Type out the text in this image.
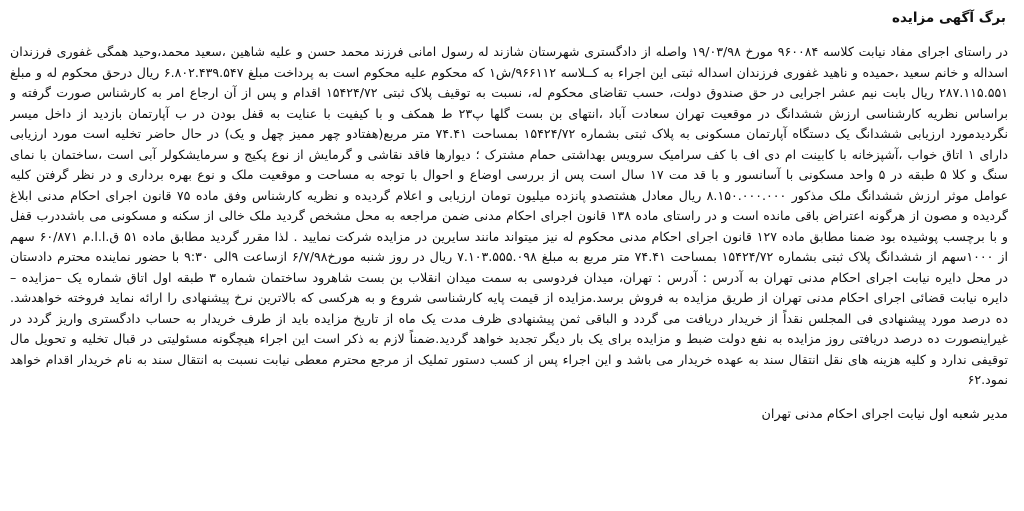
برگ آگهی مزایده
در راستای اجرای مفاد نیابت کلاسه ۹۶۰۰۸۴ مورخ ۱۹/۰۳/۹۸ واصله از دادگستری شهرستان شازند له رسول امانی فرزند محمد حسن و علیه شاهین ،سعید محمد،وحید همگی غفوری فرزندان اسداله و خانم سعید ،حمیده و ناهید غفوری فرزندان اسداله ثبتی این اجراء به کــلاسه ۹۶۶۱۱۲/ش۱ که محکوم علیه محکوم است به پرداخت مبلغ ۶.۸۰۲.۴۳۹.۵۴۷ ریال درحق محکوم له و مبلغ ۲۸۷.۱۱۵.۵۵۱ ریال بابت نیم عشر اجرایی در حق صندوق دولت، حسب تقاضای محکوم له، نسبت به توقیف پلاک ثبتی ۱۵۴۲۴/۷۲ اقدام و پس از آن ارجاع امر به کارشناس صورت گرفته و براساس نظریه کارشناسی ارزش ششدانگ در موقعیت تهران سعادت آباد ،انتهای بن بست گلها پ۲۳ ط همکف و با کیفیت با عنایت به قفل بودن در ب آپارتمان بازدید از داخل میسر نگردیدمورد ارزیابی ششدانگ یک دستگاه آپارتمان مسکونی به پلاک ثبتی بشماره ۱۵۴۲۴/۷۲ بمساحت ۷۴.۴۱ متر مربع(هفتادو چهر ممیز چهل و یک) در حال حاضر تخلیه است مورد ارزیابی دارای ۱ اتاق خواب ،آشپزخانه با کابینت ام دی اف با کف سرامیک سرویس بهداشتی حمام مشترک ؛ دیوارها فاقد نقاشی و گرمایش از نوع پکیج و سرمایشکولر آبی است ،ساختمان با نمای سنگ و کلا ۵ طبقه در ۵ واحد مسکونی با آسانسور و با قد مت ۱۷ سال است پس از بررسی اوضاع و احوال با توجه به مساحت و موقعیت ملک و نوع بهره برداری و در نظر گرفتن کلیه عوامل موثر ارزش ششدانگ ملک مذکور ۸.۱۵۰.۰۰۰.۰۰۰ ریال معادل هشتصدو پانزده میلیون تومان ارزیابی و اعلام گردیده و نظریه کارشناس وفق ماده ۷۵ قانون اجرای احکام مدنی ابلاغ گردیده و مصون از هرگونه اعتراض باقی مانده است و در راستای ماده ۱۳۸ قانون اجرای احکام مدنی ضمن مراجعه به محل مشخص گردید ملک خالی از سکنه و مسکونی می باشددرب قفل و با برچسب پوشیده بود ضمنا مطابق ماده ۱۲۷ قانون اجرای احکام مدنی محکوم له نیز میتواند مانند سایرین در مزایده شرکت نمایید . لذا مقرر گردید مطابق ماده ۵۱ ق.ا.ا.م ۶۰/۸۷۱ سهم از ۱۰۰۰سهم از ششدانگ پلاک ثبتی بشماره ۱۵۴۲۴/۷۲ بمساحت ۷۴.۴۱ متر مربع به مبلغ ۷.۱۰۳.۵۵۵.۰۹۸ ریال در روز شنبه مورخ۶/۷/۹۸ ازساعت ۹الی ۹:۳۰ با حضور نماینده محترم دادستان در محل دایره نیابت اجرای احکام مدنی تهران به آدرس : آدرس : تهران، میدان فردوسی به سمت میدان انقلاب بن بست شاهرود ساختمان شماره ۳ طبقه اول اتاق شماره یک –مزایده – دایره نیابت قضائی اجرای احکام مدنی تهران از طریق مزایده به فروش برسد.مزایده از قیمت پایه کارشناسی شروع و به هرکسی که بالاترین نرخ پیشنهادی را ارائه نماید فروخته خواهدشد. ده درصد مورد پیشنهادی فی المجلس نقداً از خریدار دریافت می گردد و الباقی ثمن پیشنهادی ظرف مدت یک ماه از تاریخ مزایده باید از طرف خریدار به حساب دادگستری واریز گردد در غیراینصورت ده درصد دریافتی روز مزایده به نفع دولت ضبط و مزایده برای یک بار دیگر تجدید خواهد گردید.ضمناً لازم به ذکر است این اجراء هیچگونه مسئولیتی در قبال تخلیه و تحویل مال توقیفی ندارد و کلیه هزینه های نقل انتقال سند به عهده خریدار می باشد و این اجراء پس از کسب دستور تملیک از مرجع محترم معطی نیابت نسبت به انتقال سند به نام خریدار اقدام خواهد نمود.۶۲
مدیر شعبه اول نیابت اجرای احکام مدنی تهران
